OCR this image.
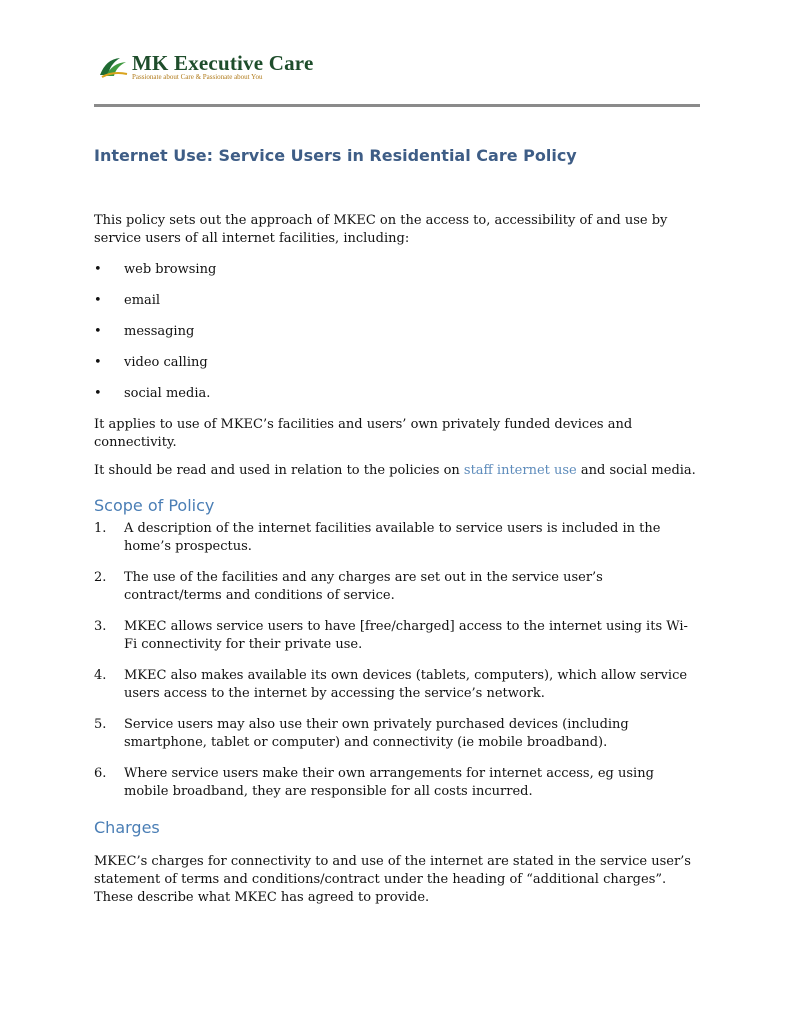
MK Executive Care
Passionate about Care & Passionate about You
Internet Use: Service Users in Residential Care Policy

This policy sets out the approach of MKEC on the access to, accessibility of and use by service users of all internet facilities, including:

• web browsing
• email
• messaging
• video calling
• social media.

It applies to use of MKEC’s facilities and users’ own privately funded devices and connectivity.

It should be read and used in relation to the policies on staff internet use and social media.

Scope of Policy
1. A description of the internet facilities available to service users is included in the home’s prospectus.
2. The use of the facilities and any charges are set out in the service user’s contract/terms and conditions of service.
3. MKEC allows service users to have [free/charged] access to the internet using its Wi-Fi connectivity for their private use.
4. MKEC also makes available its own devices (tablets, computers), which allow service users access to the internet by accessing the service’s network.
5. Service users may also use their own privately purchased devices (including smartphone, tablet or computer) and connectivity (ie mobile broadband).
6. Where service users make their own arrangements for internet access, eg using mobile broadband, they are responsible for all costs incurred.
Charges

MKEC’s charges for connectivity to and use of the internet are stated in the service user’s statement of terms and conditions/contract under the heading of “additional charges”. These describe what MKEC has agreed to provide.
